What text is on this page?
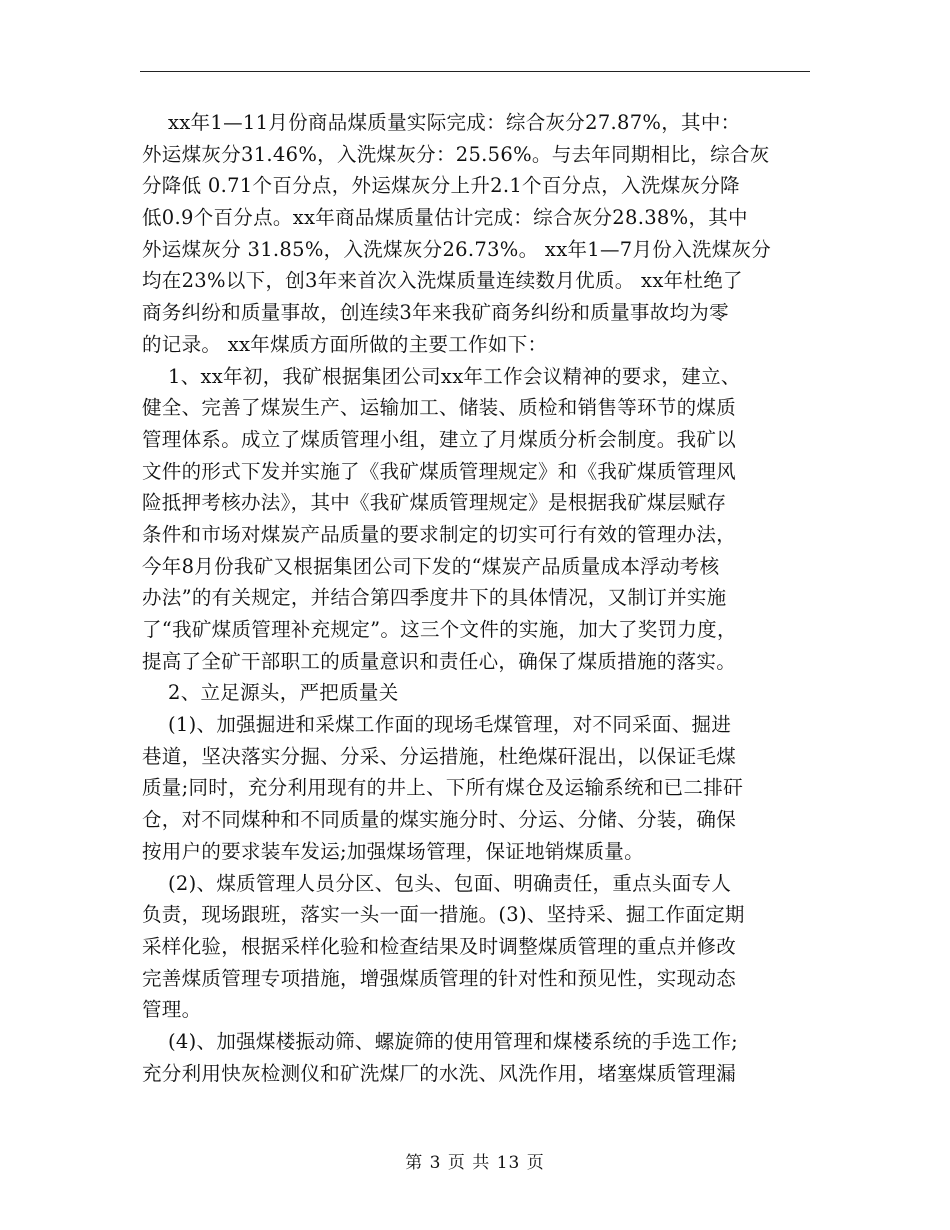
xx年1—11月份商品煤质量实际完成：综合灰分27.87%，其中：
外运煤灰分31.46%，入洗煤灰分：25.56%。与去年同期相比，综合灰
分降低 0.71个百分点，外运煤灰分上升2.1个百分点，入洗煤灰分降
低0.9个百分点。xx年商品煤质量估计完成：综合灰分28.38%，其中
外运煤灰分 31.85%，入洗煤灰分26.73%。 xx年1—7月份入洗煤灰分
均在23%以下，创3年来首次入洗煤质量连续数月优质。 xx年杜绝了
商务纠纷和质量事故，创连续3年来我矿商务纠纷和质量事故均为零
的记录。 xx年煤质方面所做的主要工作如下：
1、xx年初，我矿根据集团公司xx年工作会议精神的要求，建立、
健全、完善了煤炭生产、运输加工、储装、质检和销售等环节的煤质
管理体系。成立了煤质管理小组，建立了月煤质分析会制度。我矿以
文件的形式下发并实施了《我矿煤质管理规定》和《我矿煤质管理风
险抵押考核办法》，其中《我矿煤质管理规定》是根据我矿煤层赋存
条件和市场对煤炭产品质量的要求制定的切实可行有效的管理办法，
今年8月份我矿又根据集团公司下发的“煤炭产品质量成本浮动考核
办法”的有关规定，并结合第四季度井下的具体情况，又制订并实施
了“我矿煤质管理补充规定”。这三个文件的实施，加大了奖罚力度，
提高了全矿干部职工的质量意识和责任心，确保了煤质措施的落实。
2、立足源头，严把质量关
(1)、加强掘进和采煤工作面的现场毛煤管理，对不同采面、掘进
巷道，坚决落实分掘、分采、分运措施，杜绝煤矸混出，以保证毛煤
质量;同时，充分利用现有的井上、下所有煤仓及运输系统和已二排矸
仓，对不同煤种和不同质量的煤实施分时、分运、分储、分装，确保
按用户的要求装车发运;加强煤场管理，保证地销煤质量。
(2)、煤质管理人员分区、包头、包面、明确责任，重点头面专人
负责，现场跟班，落实一头一面一措施。(3)、坚持采、掘工作面定期
采样化验，根据采样化验和检查结果及时调整煤质管理的重点并修改
完善煤质管理专项措施，增强煤质管理的针对性和预见性，实现动态
管理。
(4)、加强煤楼振动筛、螺旋筛的使用管理和煤楼系统的手选工作;
充分利用快灰检测仪和矿洗煤厂的水洗、风洗作用，堵塞煤质管理漏
第 3 页 共 13 页
